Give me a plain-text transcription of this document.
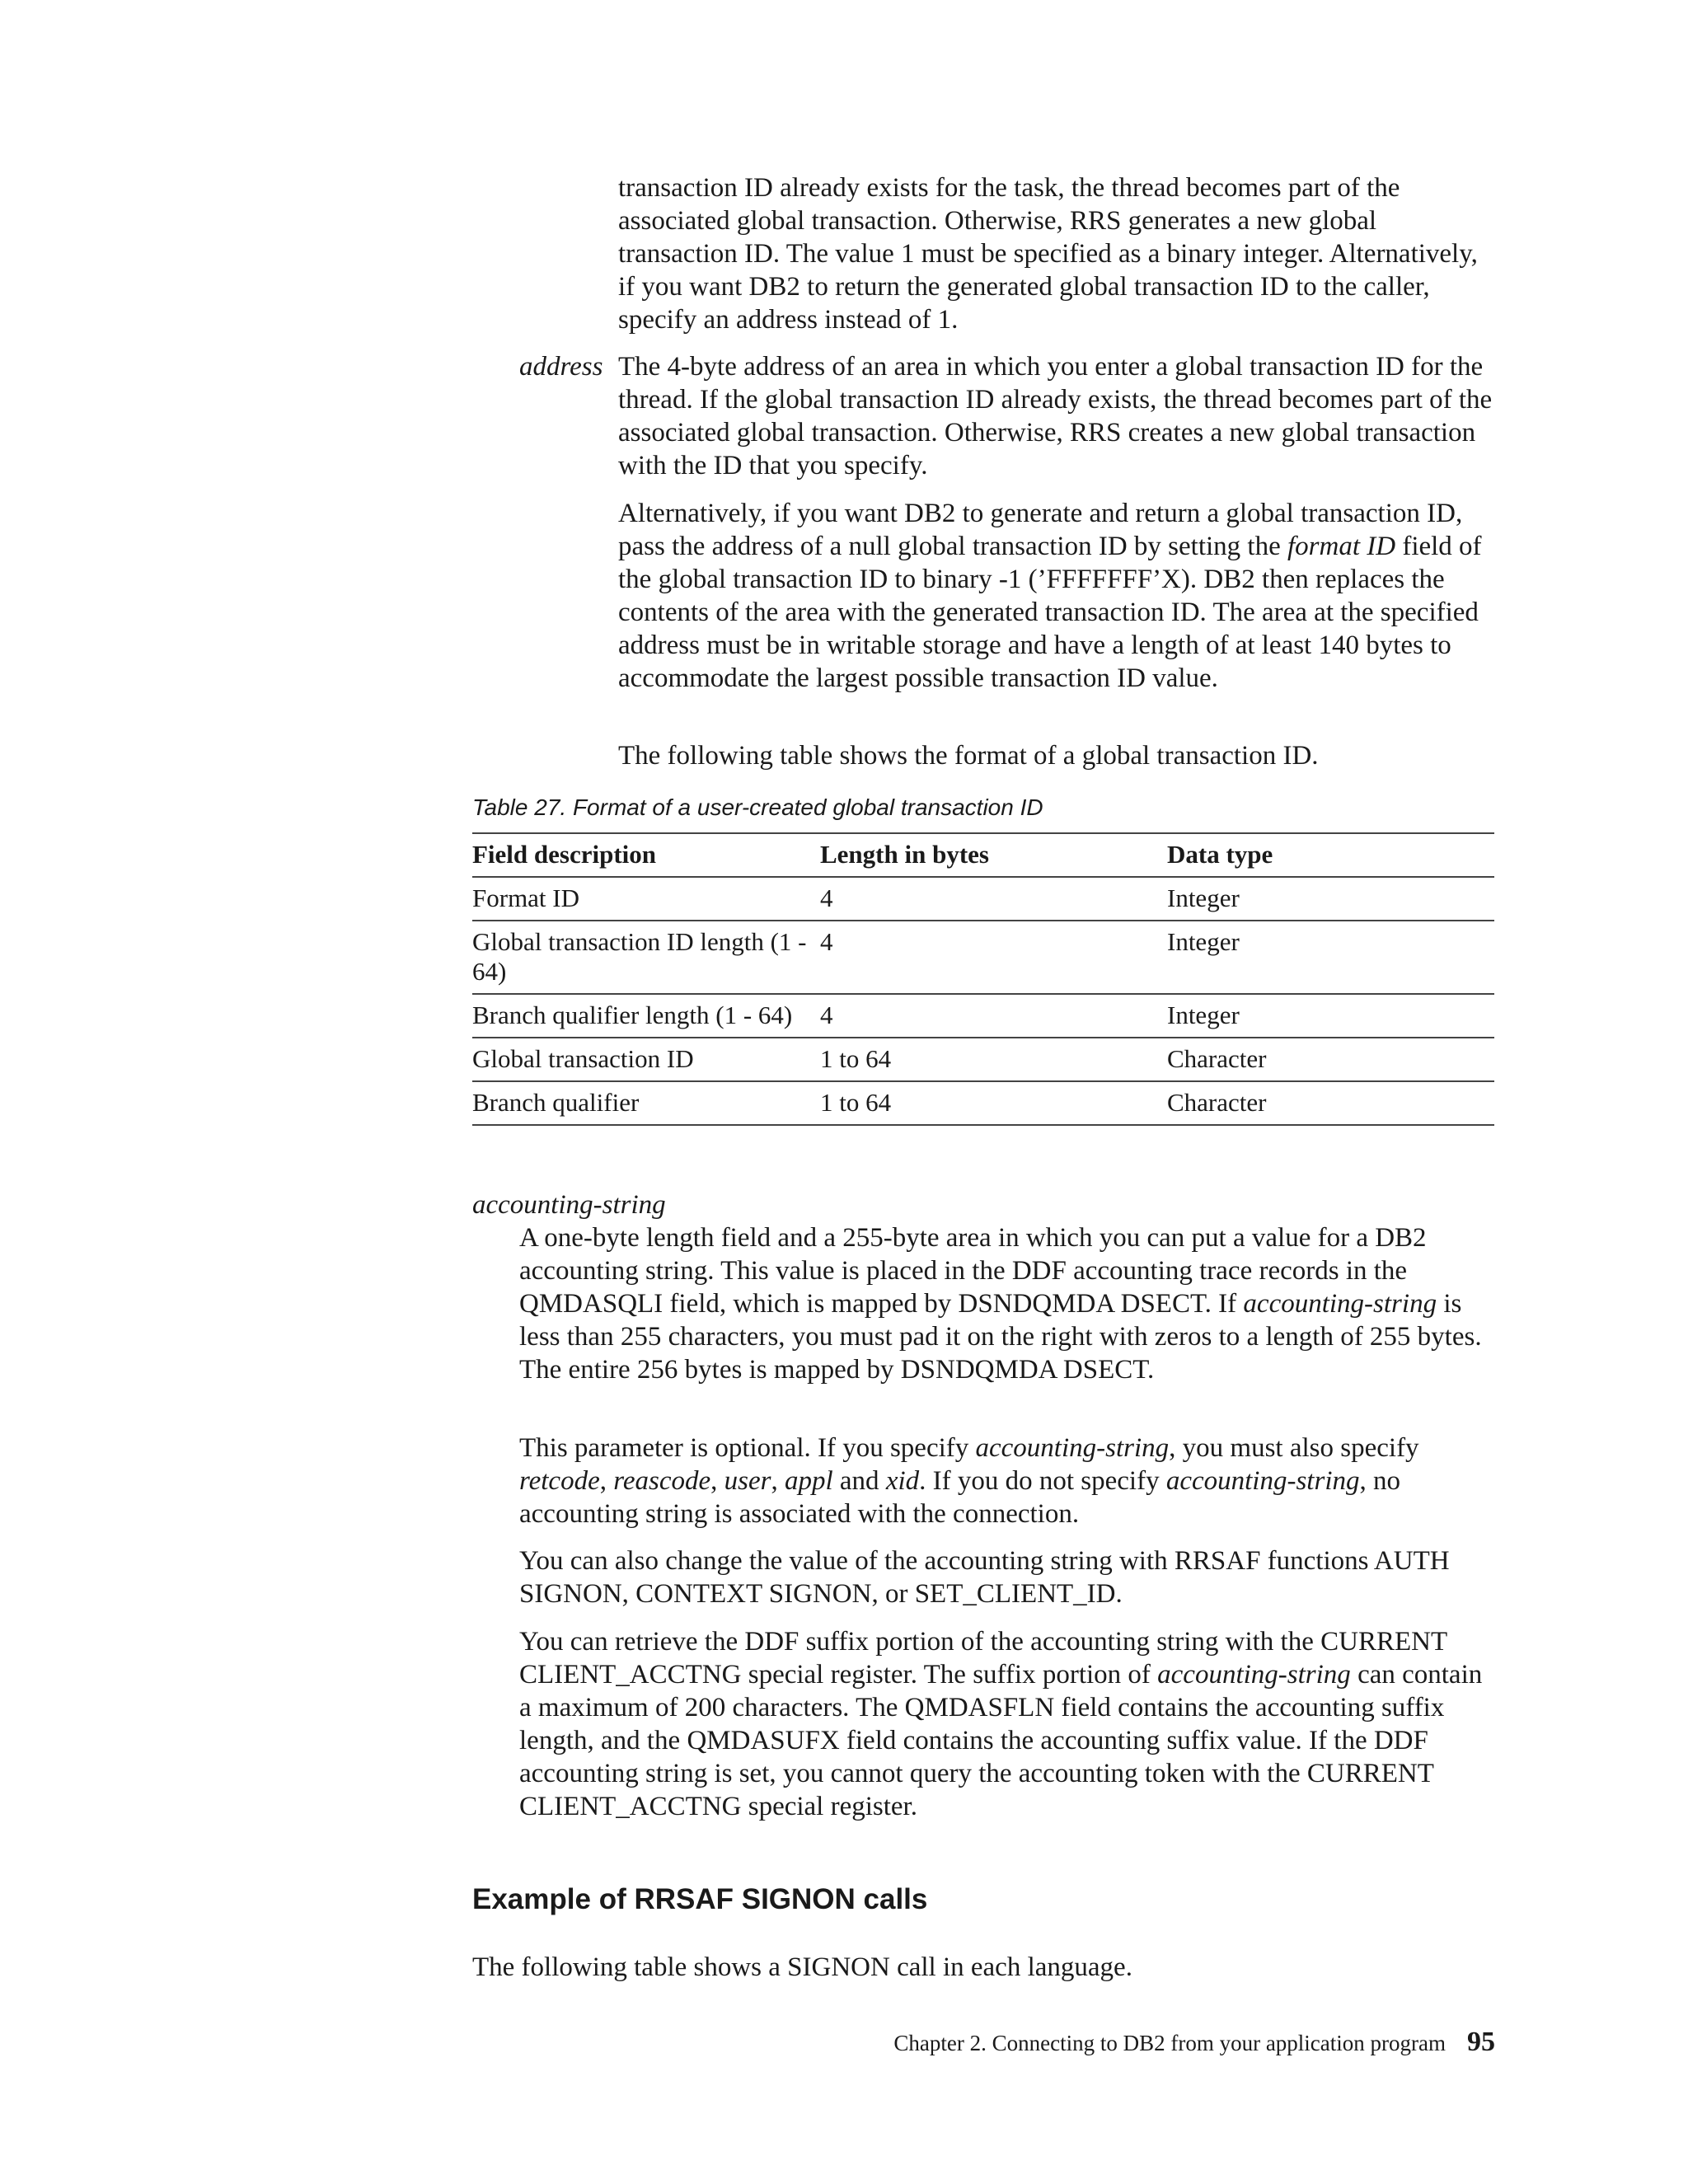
transaction ID already exists for the task, the thread becomes part of the associated global transaction. Otherwise, RRS generates a new global transaction ID. The value 1 must be specified as a binary integer. Alternatively, if you want DB2 to return the generated global transaction ID to the caller, specify an address instead of 1.

address The 4-byte address of an area in which you enter a global transaction ID for the thread. If the global transaction ID already exists, the thread becomes part of the associated global transaction. Otherwise, RRS creates a new global transaction with the ID that you specify.

Alternatively, if you want DB2 to generate and return a global transaction ID, pass the address of a null global transaction ID by setting the format ID field of the global transaction ID to binary -1 (’FFFFFFF’X). DB2 then replaces the contents of the area with the generated transaction ID. The area at the specified address must be in writable storage and have a length of at least 140 bytes to accommodate the largest possible transaction ID value.

The following table shows the format of a global transaction ID.

Table 27. Format of a user-created global transaction ID
Field description	Length in bytes	Data type
Format ID	4	Integer
Global transaction ID length (1 - 64)	4	Integer
Branch qualifier length (1 - 64)	4	Integer
Global transaction ID	1 to 64	Character
Branch qualifier	1 to 64	Character
accounting-string

A one-byte length field and a 255-byte area in which you can put a value for a DB2 accounting string. This value is placed in the DDF accounting trace records in the QMDASQLI field, which is mapped by DSNDQMDA DSECT. If accounting-string is less than 255 characters, you must pad it on the right with zeros to a length of 255 bytes. The entire 256 bytes is mapped by DSNDQMDA DSECT.

This parameter is optional. If you specify accounting-string, you must also specify retcode, reascode, user, appl and xid. If you do not specify accounting-string, no accounting string is associated with the connection.

You can also change the value of the accounting string with RRSAF functions AUTH SIGNON, CONTEXT SIGNON, or SET_CLIENT_ID.

You can retrieve the DDF suffix portion of the accounting string with the CURRENT CLIENT_ACCTNG special register. The suffix portion of accounting-string can contain a maximum of 200 characters. The QMDASFLN field contains the accounting suffix length, and the QMDASUFX field contains the accounting suffix value. If the DDF accounting string is set, you cannot query the accounting token with the CURRENT CLIENT_ACCTNG special register.

Example of RRSAF SIGNON calls

The following table shows a SIGNON call in each language.

Chapter 2. Connecting to DB2 from your application program 95
